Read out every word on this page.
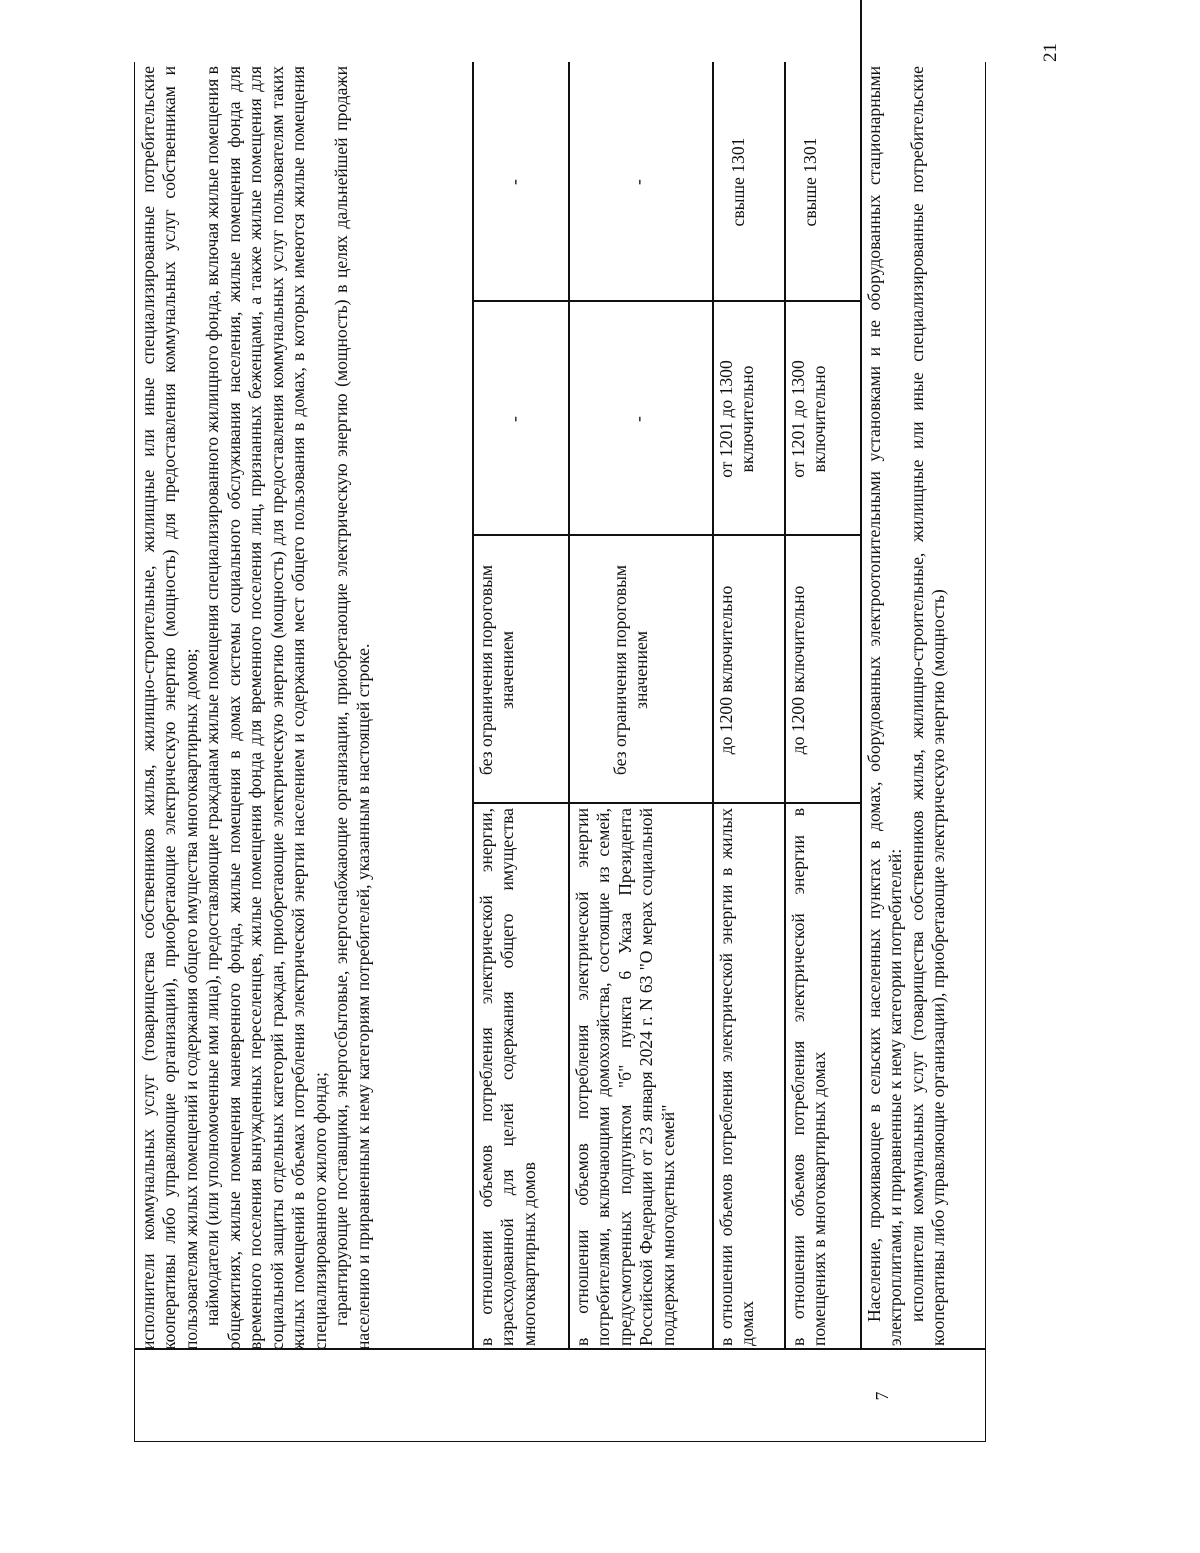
21

исполнители коммунальных услуг (товарищества собственников жилья, жилищно-строительные, жилищные или иные специализированные потребительские кооперативы либо управляющие организации), приобретающие электрическую энергию (мощность) для предоставления коммунальных услуг собственникам и пользователям жилых помещений и содержания общего имущества многоквартирных домов; наймодатели (или уполномоченные ими лица), предоставляющие гражданам жилые помещения специализированного жилищного фонда, включая жилые помещения в общежитиях, жилые помещения маневренного фонда, жилые помещения в домах системы социального обслуживания населения, жилые помещения фонда для временного поселения вынужденных переселенцев, жилые помещения фонда для временного поселения лиц, признанных беженцами, а также жилые помещения для социальной защиты отдельных категорий граждан, приобретающие электрическую энергию (мощность) для предоставления коммунальных услуг пользователям таких жилых помещений в объемах потребления электрической энергии населением и содержания мест общего пользования в домах, в которых имеются жилые помещения специализированного жилого фонда; гарантирующие поставщики, энергосбытовые, энергоснабжающие организации, приобретающие электрическую энергию (мощность) в целях дальнейшей продажи населению и приравненным к нему категориям потребителей, указанным в настоящей строке.	в отношении объемов потребления электрической энергии, израсходованной для целей содержания общего имущества многоквартирных домов

без ограничения пороговым значением
-
-

в отношении объемов потребления электрической энергии потребителями, включающими домохозяйства, состоящие из семей, предусмотренных подпунктом "б" пункта 6 Указа Президента Российской Федерации от 23 января 2024 г. N 63 "О мерах социальной поддержки многодетных семей"

без ограничения пороговым значением
-
-

в отношении объемов потребления электрической энергии в жилых домах

до 1200 включительно
от 1201 до 1300 включительно
свыше 1301

в отношении объемов потребления электрической энергии в помещениях в многоквартирных домах

до 1200 включительно
от 1201 до 1300 включительно
свыше 1301
7

Население, проживающее в сельских населенных пунктах в домах, оборудованных электроотопительными установками и не оборудованных стационарными электроплитами, и приравненные к нему категории потребителей: исполнители коммунальных услуг (товарищества собственников жилья, жилищно-строительные, жилищные или иные специализированные потребительские кооперативы либо управляющие организации), приобретающие электрическую энергию (мощность)
